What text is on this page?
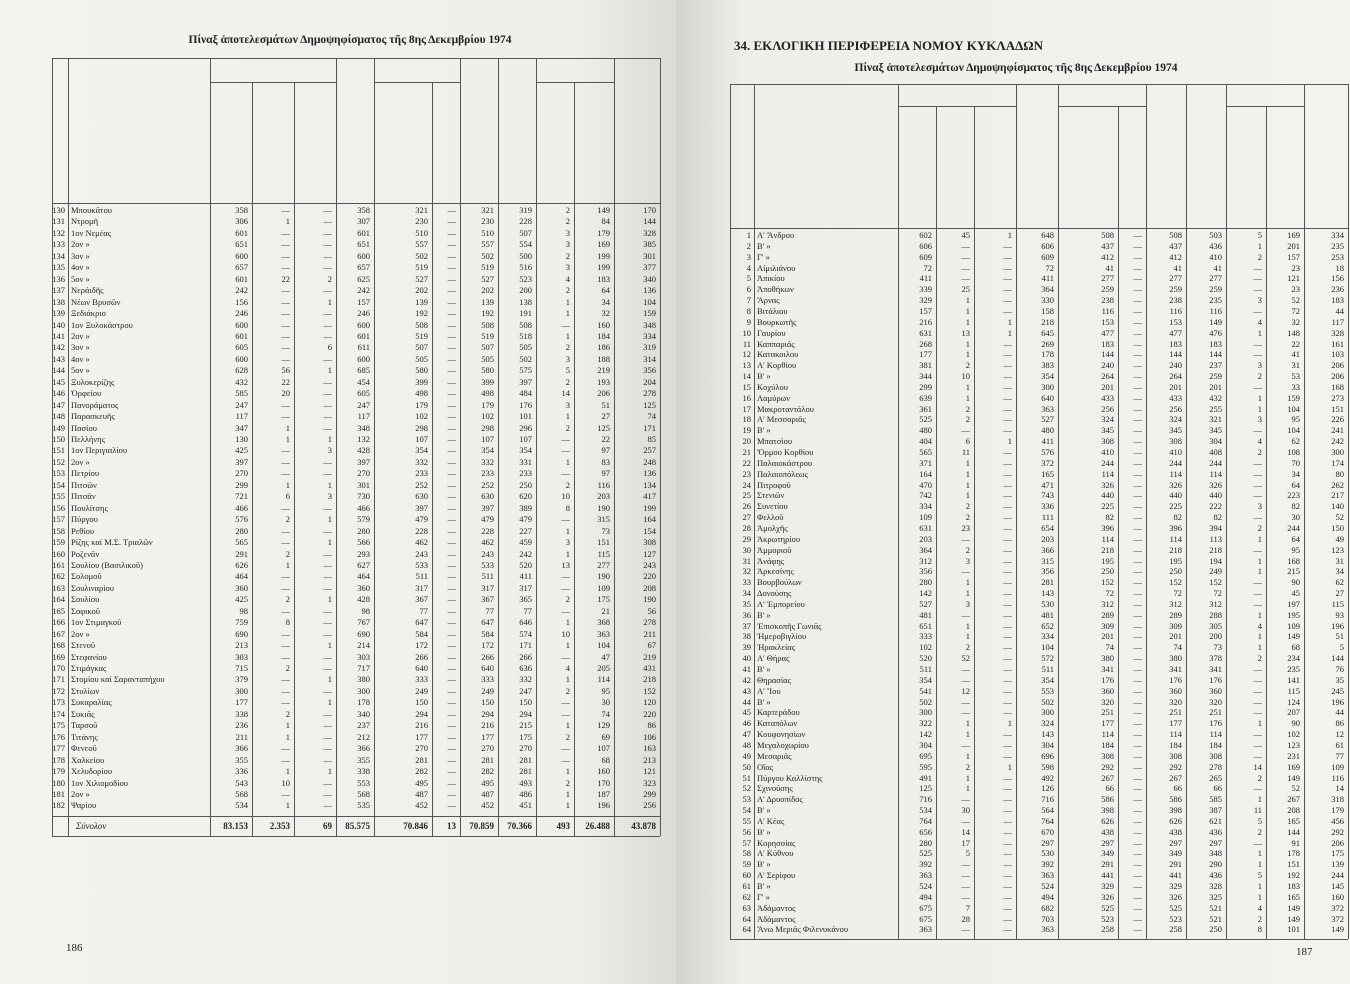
Πίναξ ἀποτελεσμάτων Δημοψηφίσματος τῆς 8ης Δεκεμβρίου 1974
186
130 Μπουκᾶτου	358	—	—	358	321	—	321	319	2	149	170
131 Ντρομῆ	306	1	—	307	230	—	230	228	2	84	144
132 1ον Νεμέας	601	—	—	601	510	—	510	507	3	179	328
133 2ον »	651	—	—	651	557	—	557	554	3	169	385
134 3ον »	600	—	—	600	502	—	502	500	2	199	301
135 4ον »	657	—	—	657	519	—	519	516	3	199	377
136 5ον »	601	22	2	625	527	—	527	523	4	183	340
137 Νεράιδῆς	242	—	—	242	202	—	202	200	2	64	136
138 Νέων Βρυσῶν	156	—	1	157	139	—	139	138	1	34	104
139 Ξεδιάκριο	246	—	—	246	192	—	192	191	1	32	159
140 1ον Ξυλοκάστρου	600	—	—	600	508	—	508	508	—	160	348
141 2ον »	601	—	—	601	519	—	519	518	1	184	334
142 3ον »	605	—	6	611	507	—	507	505	2	186	319
143 4ον »	600	—	—	600	505	—	505	502	3	188	314
144 5ον »	628	56	1	685	580	—	580	575	5	219	356
145 Ξυλοκερίζης	432	22	—	454	399	—	399	397	2	193	204
146 Ὀρφείου	585	20	—	605	498	—	498	484	14	206	278
147 Πανοράματος	247	—	—	247	179	—	179	176	3	51	125
148 Παρασκευῆς	117	—	—	117	102	—	102	101	1	27	74
149 Πασίου	347	1	—	348	298	—	298	296	2	125	171
150 Πελλήνης	130	1	1	132	107	—	107	107	—	22	85
151 1ον Περιγιαλίου	425	—	3	428	354	—	354	354	—	97	257
152 2ον »	397	—	—	397	332	—	332	331	1	83	248
153 Πετρίου	270	—	—	270	233	—	233	233	—	97	136
154 Πιτσῶν	299	1	1	301	252	—	252	250	2	116	134
155 Πιτσᾶν	721	6	3	730	630	—	630	620	10	203	417
156 Πουλίτσης	466	—	—	466	397	—	397	389	8	190	199
157 Πύργου	576	2	1	579	479	—	479	479	—	315	164
158 Ρεθίου	280	—	—	280	228	—	228	227	1	73	154
159 Ρίζης καί Μ.Σ. Τριαλῶν	565	—	1	566	462	—	462	459	3	151	308
160 Ροζενᾶν	291	2	—	293	243	—	243	242	1	115	127
161 Σουλίου (Βασιλικοῦ)	626	1	—	627	533	—	533	520	13	277	243
162 Σολομοῦ	464	—	—	464	511	—	511	411	—	190	220
163 Σουλιναρίου	360	—	—	360	317	—	317	317	—	109	208
164 Σουλίου	425	2	1	428	367	—	367	365	2	175	190
165 Σοφικοῦ	98	—	—	98	77	—	77	77	—	21	56
166 1ον Στιμαγκοῦ	759	8	—	767	647	—	647	646	1	368	278
167 2ον »	690	—	—	690	584	—	584	574	10	363	211
168 Στενοῦ	213	—	1	214	172	—	172	171	1	104	67
169 Στεφανίου	303	—	—	303	266	—	266	266	—	47	219
170 Στιμάγκας	715	2	—	717	640	—	640	636	4	205	431
171 Στομίου καί Σαρανταπήχου	379	—	1	380	333	—	333	332	1	114	218
172 Στυλίων	300	—	—	300	249	—	249	247	2	95	152
173 Συκαραλίας	177	—	1	178	150	—	150	150	—	30	120
174 Συκιᾶς	338	2	—	340	294	—	294	294	—	74	220
175 Ταρσοῦ	236	1	—	237	216	—	216	215	1	129	86
176 Τιτάνης	211	1	—	212	177	—	177	175	2	69	106
177 Φενεοῦ	366	—	—	366	270	—	270	270	—	107	163
178 Χαλκείου	355	—	—	355	281	—	281	281	—	68	213
179 Χελυδορίου	336	1	1	338	282	—	282	281	1	160	121
180 1ον Χιλιομοδίου	543	10	—	553	495	—	495	493	2	170	323
181 2ον »	568	—	—	568	487	—	487	486	1	187	299
182 Ψαρίου	534	1	—	535	452	—	452	451	1	196	256
Σύνολον	83.153	2.353	69	85.575	70.846	13	70.859	70.366	493	26.488	43.878
34. ΕΚΛΟΓΙΚΗ ΠΕΡΙΦΕΡΕΙΑ ΝΟΜΟΥ ΚΥΚΛΑΔΩΝ
Πίναξ ἀποτελεσμάτων Δημοψηφίσματος τῆς 8ης Δεκεμβρίου 1974
187
1 Α' Ἄνδρου	602	45	1	648	508	—	508	503	5	169	334
2 Β' »	606	—	—	606	437	—	437	436	1	201	235
3 Γ' »	609	—	—	609	412	—	412	410	2	157	253
4 Αἰμιλιάνου	72	—	—	72	41	—	41	41	—	23	18
5 Ἀπικίου	411	—	—	411	277	—	277	277	—	121	156
6 Ἀποθήκων	339	25	—	364	259	—	259	259	—	23	236
7 Ἄρνας	329	1	—	330	238	—	238	235	3	52	183
8 Βιτάλιου	157	1	—	158	116	—	116	116	—	72	44
9 Βουρκωτῆς	216	1	1	218	153	—	153	149	4	32	117
10 Γαυρίου	631	13	1	645	477	—	477	476	1	148	328
11 Καππαριᾶς	268	1	—	269	183	—	183	183	—	22	161
12 Κατακοιλου	177	1	—	178	144	—	144	144	—	41	103
13 Α' Κορθίου	381	2	—	383	240	—	240	237	3	31	206
14 Β' »	344	10	—	354	264	—	264	259	2	53	206
15 Κοχύλου	299	1	—	300	201	—	201	201	—	33	168
16 Λαμύρων	639	1	—	640	433	—	433	432	1	159	273
17 Μακροταντάλου	361	2	—	363	256	—	256	255	1	104	151
18 Α' Μεσσαριᾶς	525	2	—	527	324	—	324	321	3	95	226
19 Β' »	480	—	—	480	345	—	345	345	—	104	241
20 Μπατσίου	404	6	1	411	308	—	308	304	4	62	242
21 Ὄρμου Κορθίου	565	11	—	576	410	—	410	408	2	108	300
22 Παλαιοκάστρου	371	1	—	372	244	—	244	244	—	70	174
23 Παλαιοπόλεως	164	1	—	165	114	—	114	114	—	34	80
24 Πιτροφοῦ	470	1	—	471	326	—	326	326	—	64	262
25 Στενιῶν	742	1	—	743	440	—	440	440	—	223	217
26 Συνετίου	334	2	—	336	225	—	225	222	3	82	140
27 Φελλοῦ	109	2	—	111	82	—	82	82	—	30	52
28 Ἀμολχῆς	631	23	—	654	396	—	396	394	2	244	150
29 Ἀκρωτηρίου	203	—	—	203	114	—	114	113	1	64	49
30 Ἀμμοριοῦ	364	2	—	366	218	—	218	218	—	95	123
31 Ἀνάφης	312	3	—	315	195	—	195	194	1	168	31
32 Ἀρκεσίνης	356	—	—	356	250	—	250	249	1	215	34
33 Βουρβούλων	280	1	—	281	152	—	152	152	—	90	62
34 Δονούσης	142	1	—	143	72	—	72	72	—	45	27
35 Α' Ἐμπορείου	527	3	—	530	312	—	312	312	—	197	115
36 Β' »	481	—	—	481	289	—	289	288	1	195	93
37 Ἐπισκοπῆς Γωνιᾶς	651	1	—	652	309	—	309	305	4	109	196
38 Ἡμεροβιγλίου	333	1	—	334	201	—	201	200	1	149	51
39 Ἡρακλείας	102	2	—	104	74	—	74	73	1	68	5
40 Α' Θήρας	520	52	—	572	380	—	380	378	2	234	144
41 Β' »	511	—	—	511	341	—	341	341	—	235	76
42 Θηρασίας	354	—	—	354	176	—	176	176	—	141	35
43 Α' Ἴου	541	12	—	553	360	—	360	360	—	115	245
44 Β' »	502	—	—	502	320	—	320	320	—	124	196
45 Καρτεράδου	300	—	—	300	251	—	251	251	—	207	44
46 Καταπόλων	322	1	1	324	177	—	177	176	1	90	86
47 Κουφονησίων	142	1	—	143	114	—	114	114	—	102	12
48 Μεγαλοχωρίου	304	—	—	304	184	—	184	184	—	123	61
49 Μεσαριᾶς	695	1	—	696	308	—	308	308	—	231	77
50 Οἴας	595	2	1	598	292	—	292	278	14	169	109
51 Πύργου Καλλίστης	491	1	—	492	267	—	267	265	2	149	116
52 Σχινούσης	125	1	—	126	66	—	66	66	—	52	14
53 Α' Δρυοπίδος	716	—	—	716	586	—	586	585	1	267	318
54 Β' »	534	30	—	564	398	—	398	387	11	208	179
55 Α' Κέας	764	—	—	764	626	—	626	621	5	165	456
56 Β' »	656	14	—	670	438	—	438	436	2	144	292
57 Κορησσίας	280	17	—	297	297	—	297	297	—	91	206
58 Α' Κύθνου	525	5	—	530	349	—	349	348	1	178	175
59 Β' »	392	—	—	392	291	—	291	290	1	151	139
60 Α' Σερίφου	363	—	—	363	441	—	441	436	5	192	244
61 Β' »	524	—	—	524	329	—	329	328	1	183	145
62 Γ' »	494	—	—	494	326	—	326	325	1	165	160
63 Ἀδάμαντος	675	7	—	682	525	—	525	521	4	149	372
64 Ἀδάμαντος	675	28	—	703	523	—	523	521	2	149	372
64 Ἄνω Μεριᾶς Φιλενυκάνου	363	—	—	363	258	—	258	250	8	101	149
